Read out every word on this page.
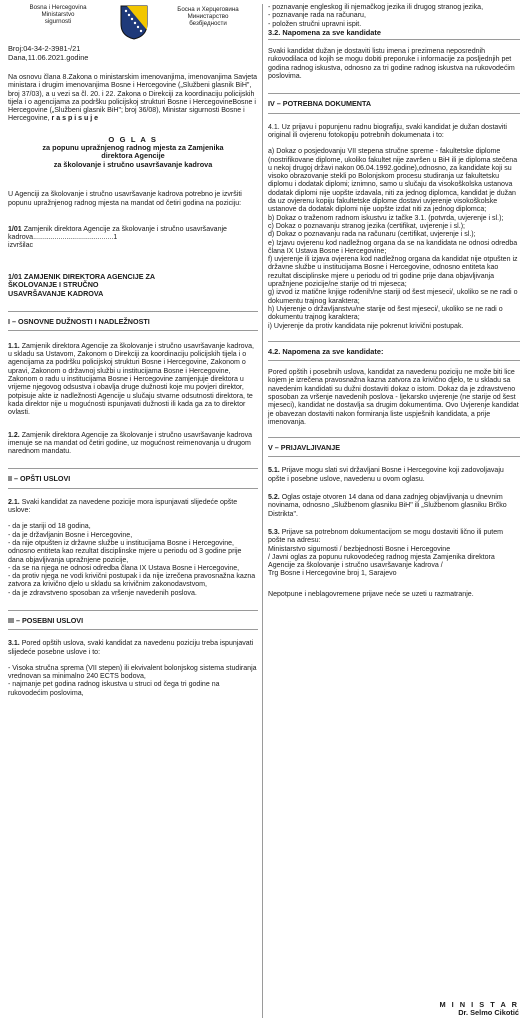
Bosna i Hercegovina
Ministarstvo
sigurnosti
Босна и Херцеговина
Министарство
безбједности
Broj:04-34-2-3981-/21
Dana,11.06.2021.godine

Na osnovu člana 8.Zakona o ministarskim imenovanjima, imenovanjima Savjeta ministara i drugim imenovanjima Bosne i Hercegovine („Službeni glasnik BiH", broj 37/03), a u vezi sa čl. 20. i 22. Zakona o Direkciji za koordinaciju policijskih tijela i o agencijama za podršku policijskoj strukturi Bosne i HercegovineBosne i Hercegovine („Službeni glasnik BiH"; broj 36/08), Ministar sigurnosti Bosne i Hercegovine, r a s p i s u j e

O G L A S
za popunu upražnjenog radnog mjesta za Zamjenika
direktora Agencije
za školovanje i stručno usavršavanje kadrova

U Agenciji za školovanje i stručno usavršavanje kadrova potrebno je izvršiti popunu upražnjenog radnog mjesta na mandat od četiri godina na poziciju:

1/01 Zamjenik direktora Agencije za školovanje i stručno usavršavanje kadrova.........................................1
izvršilac
1/01 ZAMJENIK DIREKTORA AGENCIJE ZA
ŠKOLOVANJE I STRUČNO
USAVRŠAVANJE KADROVA
I – OSNOVNE DUŽNOSTI I NADLEŽNOSTI

1.1. Zamjenik direktora Agencije za školovanje i stručno usavršavanje kadrova, u skladu sa Ustavom, Zakonom o Direkciji za koordinaciju policijskih tijela i o agencijama za podršku policijskoj strukturi Bosne i Hercegovine, Zakonom o upravi, Zakonom o državnoj službi u institucijama Bosne i Hercegovine, Zakonom o radu u institucijama Bosne i Hercegovine zamjenjuje direktora u vrijeme njegovog odsustva i obavlja druge dužnosti koje mu povjeri direktor, potpisuje akte iz nadležnosti Agencije u slučaju stvarne odsutnosti direktora, te kada direktor nije u mogućnosti ispunjavati dužnosti ili kada ga za to direktor ovlasti.

1.2. Zamjenik direktora Agencije za školovanje i stručno usavršavanje kadrova imenuje se na mandat od četiri godine, uz mogućnost reimenovanja u drugom narednom mandatu.

II – OPŠTI USLOVI

2.1. Svaki kandidat za navedene pozicije mora ispunjavati slijedeće opšte uslove:

- da je stariji od 18 godina,
- da je državljanin Bosne i Hercegovine,
- da nije otpušten iz državne službe u institucijama Bosne i Hercegovine, odnosno entiteta kao rezultat disciplinske mjere u periodu od 3 godine prije dana objavljivanja upražnjene pozicije,
- da se na njega ne odnosi odredba člana IX Ustava Bosne i Hercegovine,
- da protiv njega ne vodi krivični postupak i da nije izrečena pravosnažna kazna zatvora za krivično djelo u skladu sa krivičnim zakonodavstvom,
- da je zdravstveno sposoban za vršenje navedenih poslova.
III – POSEBNI USLOVI

3.1. Pored opštih uslova, svaki kandidat za navedenu poziciju treba ispunjavati slijedeće posebne uslove i to:

- Visoka stručna sprema (VII stepen) ili ekvivalent bolonjskog sistema studiranja vrednovan sa minimalno 240 ECTS bodova,
- najmanje pet godina radnog iskustva u struci od čega tri godine na rukovodećim poslovima,
- poznavanje engleskog ili njemačkog jezika ili drugog stranog jezika,
- poznavanje rada na računaru,
- položen stručni upravni ispit.
3.2. Napomena za sve kandidate

Svaki kandidat dužan je dostaviti listu imena i prezimena neposrednih rukovodilaca od kojih se mogu dobiti preporuke i informacije za posljednjih pet godina radnog iskustva, odnosno za tri godine radnog iskustva na rukovodećim poslovima.

IV – POTREBNA DOKUMENTA

4.1. Uz prijavu i popunjenu radnu biografiju, svaki kandidat je dužan dostaviti original ili ovjerenu fotokopiju potrebnih dokumenata i to:

a) Dokaz o posjedovanju VII stepena stručne spreme - fakultetske diplome (nostrifikovane diplome, ukoliko fakultet nije završen u BiH ili je diploma stečena u nekoj drugoj državi nakon 06.04.1992.godine),odnosno, za kandidate koji su visoko obrazovanje stekli po Bolonjskom procesu studiranja uz fakultetsku diplomu i dodatak diplomi; iznimno, samo u slučaju da visokoškolska ustanova dodatak diplomi nije uopšte izdavala, niti za jednog diplomca, kandidat je dužan da uz ovjerenu kopiju fakultetske diplome dostavi uvjerenje visokoškolske ustanove da dodatak diplomi nije uopšte izdat niti za jednog diplomca;

b) Dokaz o traženom radnom iskustvu iz tačke 3.1. (potvrda, uvjerenje i sl.);

c) Dokaz o poznavanju stranog jezika (certifikat, uvjerenje i sl.);

d) Dokaz o poznavanju rada na računaru (certifikat, uvjerenje i sl.);

e) Izjavu ovjerenu kod nadležnog organa da se na kandidata ne odnosi odredba člana IX Ustava Bosne i Hercegovine;

f) uvjerenje ili izjava ovjerena kod nadležnog organa da kandidat nije otpušten iz državne službe u institucijama Bosne i Hercegovine, odnosno entiteta kao rezultat disciplinske mjere u periodu od tri godine prije dana objavljivanja upražnjene pozicije/ne starije od tri mjeseca;

g) izvod iz matične knjige rođenih/ne stariji od šest mjeseci/, ukoliko se ne radi o dokumentu trajnog karaktera;

h) Uvjerenje o državljanstvu/ne starije od šest mjeseci/, ukoliko se ne radi o dokumentu trajnog karaktera;

i) Uvjerenje da protiv kandidata nije pokrenut krivični postupak.

4.2. Napomena za sve kandidate:

Pored opštih i posebnih uslova, kandidat za navedenu poziciju ne može biti lice kojem je izrečena pravosnažna kazna zatvora za krivično djelo, te u skladu sa navedenim kandidati su dužni dostaviti dokaz o istom. Dokaz da je zdravstveno sposoban za vršenje navedenih poslova - ljekarsko uvjerenje (ne starije od šest mjeseci), kandidat ne dostavlja sa drugim dokumentima. Ovo Uvjerenje kandidat je obavezan dostaviti nakon formiranja liste uspješnih kandidata, a prije imenovanja.

V – PRIJAVLJIVANJE

5.1. Prijave mogu slati svi državljani Bosne i Hercegovine koji zadovoljavaju opšte i posebne uslove, navedenu u ovom oglasu.

5.2. Oglas ostaje otvoren 14 dana od dana zadnjeg objavljivanja u dnevnim novinama, odnosno „Službenom glasniku BiH" ili „Službenom glasniku Brčko Distrikta".

5.3. Prijave sa potrebnom dokumentacijom se mogu dostaviti lično ili putem pošte na adresu:

Ministarstvo sigurnosti / bezbjednosti Bosne i Hercegovine

/ Javni oglas za popunu rukovodećeg radnog mjesta Zamjenika direktora Agencije za školovanje i stručno usavršavanje kadrova /

Trg Bosne i Hercegovine broj 1, Sarajevo

Nepotpune i neblagovremene prijave neće se uzeti u razmatranje.

M I N I S T A R
Dr. Selmo Cikotić
